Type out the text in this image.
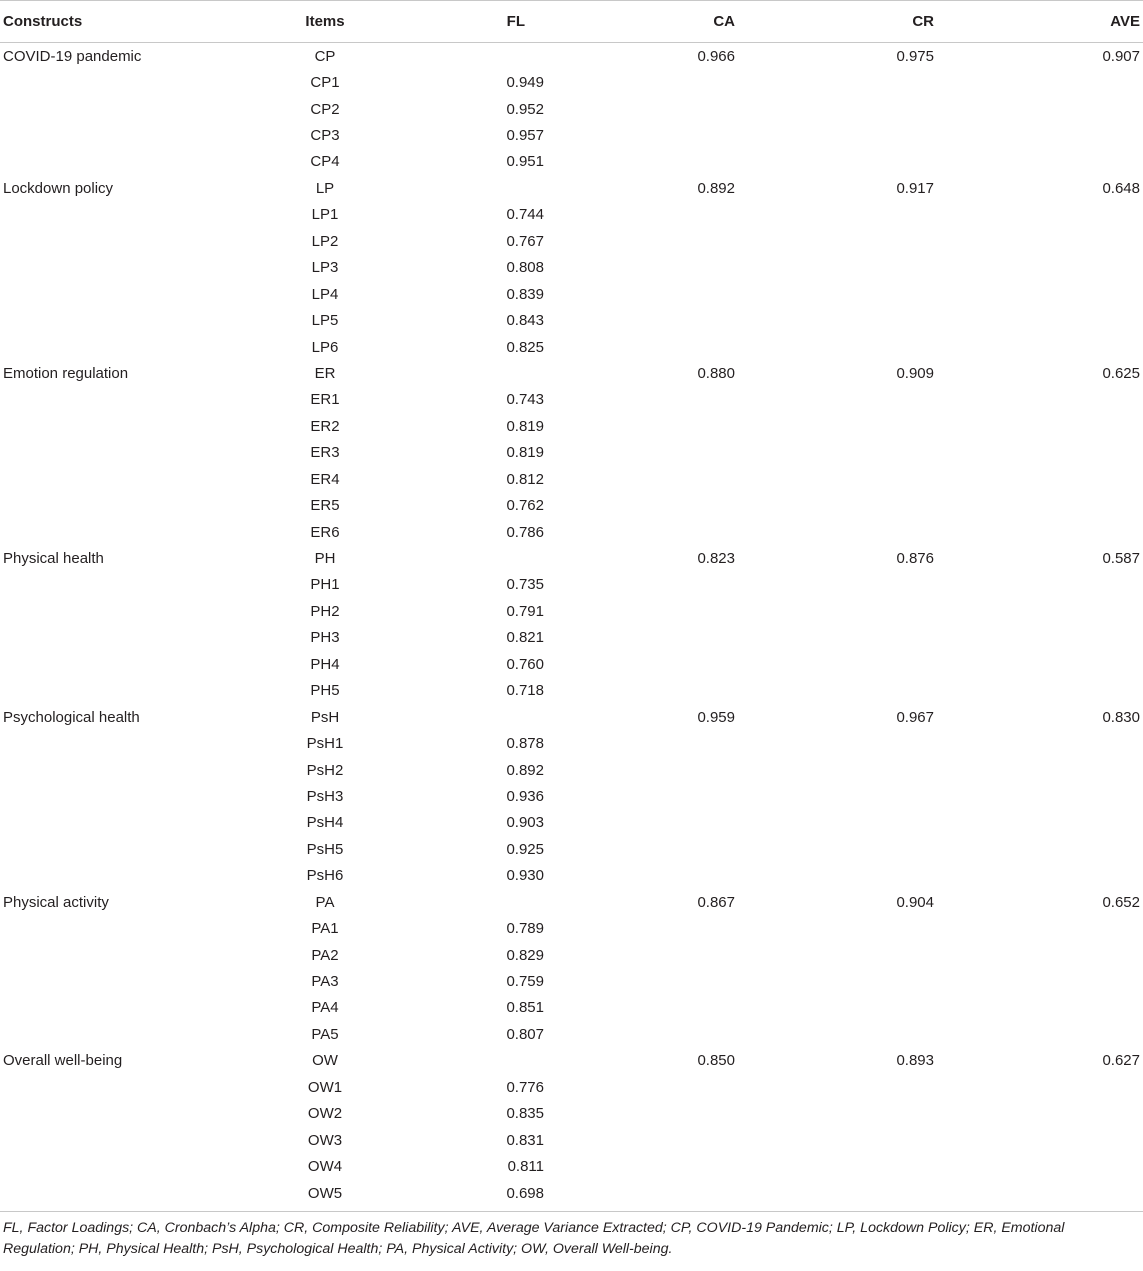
Constructs	Items	FL	CA	CR	AVE
COVID-19 pandemic	CP		0.966	0.975	0.907
	CP1	0.949			
	CP2	0.952			
	CP3	0.957			
	CP4	0.951			
Lockdown policy	LP		0.892	0.917	0.648
	LP1	0.744			
	LP2	0.767			
	LP3	0.808			
	LP4	0.839			
	LP5	0.843			
	LP6	0.825			
Emotion regulation	ER		0.880	0.909	0.625
	ER1	0.743			
	ER2	0.819			
	ER3	0.819			
	ER4	0.812			
	ER5	0.762			
	ER6	0.786			
Physical health	PH		0.823	0.876	0.587
	PH1	0.735			
	PH2	0.791			
	PH3	0.821			
	PH4	0.760			
	PH5	0.718			
Psychological health	PsH		0.959	0.967	0.830
	PsH1	0.878			
	PsH2	0.892			
	PsH3	0.936			
	PsH4	0.903			
	PsH5	0.925			
	PsH6	0.930			
Physical activity	PA		0.867	0.904	0.652
	PA1	0.789			
	PA2	0.829			
	PA3	0.759			
	PA4	0.851			
	PA5	0.807			
Overall well-being	OW		0.850	0.893	0.627
	OW1	0.776			
	OW2	0.835			
	OW3	0.831			
	OW4	0.811			
	OW5	0.698			
FL, Factor Loadings; CA, Cronbach’s Alpha; CR, Composite Reliability; AVE, Average Variance Extracted; CP, COVID-19 Pandemic; LP, Lockdown Policy; ER, Emotional Regulation; PH, Physical Health; PsH, Psychological Health; PA, Physical Activity; OW, Overall Well-being.
